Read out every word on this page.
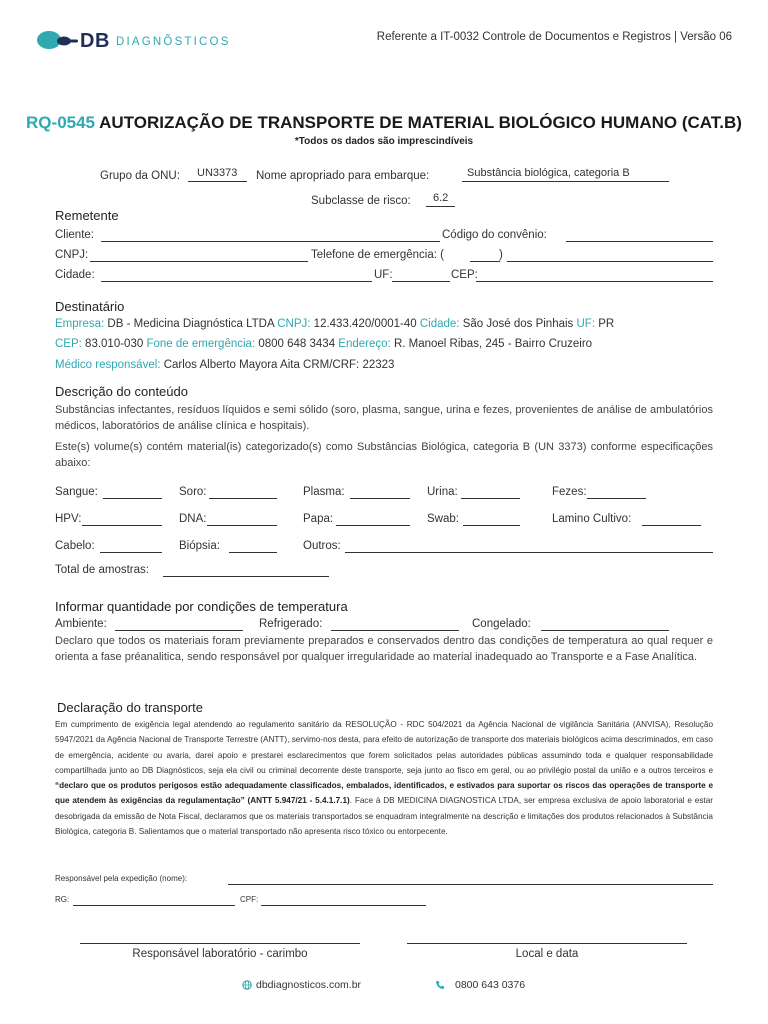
DB DIAGNÕSTICOS	Referente a IT-0032 Controle de Documentos e Registros | Versão 06
RQ-0545 AUTORIZAÇÃO DE TRANSPORTE DE MATERIAL BIOLÓGICO HUMANO (CAT.B)
*Todos os dados são imprescindíveis
Grupo da ONU: UN3373 Nome apropriado para embarque:	Substância biológica, categoria B
Subclasse de risco: 6.2
Remetente
Cliente:	Código do convênio:
CNPJ:	Telefone de emergência: (	)
Cidade:	UF:	CEP:
Destinatário
Empresa: DB - Medicina Diagnóstica LTDA CNPJ: 12.433.420/0001-40 Cidade: São José dos Pinhais UF: PR
CEP: 83.010-030 Fone de emergência: 0800 648 3434 Endereço: R. Manoel Ribas, 245 - Bairro Cruzeiro
Médico responsável: Carlos Alberto Mayora Aita CRM/CRF: 22323
Descrição do conteúdo
Substâncias infectantes, resíduos líquidos e semi sólido (soro, plasma, sangue, urina e fezes, provenientes de análise de ambulatórios médicos, laboratórios de análise clínica e hospitais).
Este(s) volume(s) contém material(is) categorizado(s) como Substâncias Biológica, categoria B (UN 3373) conforme especificações abaixo:
Sangue:	Soro:	Plasma:	Urina:	Fezes:
HPV:	DNA:	Papa:	Swab:	Lamino Cultivo:
Cabelo:	Biópsia:	Outros:
Total de amostras:
Informar quantidade por condições de temperatura
Ambiente:	Refrigerado:	Congelado:
Declaro que todos os materiais foram previamente preparados e conservados dentro das condições de temperatura ao qual requer e orienta a fase préanalitica, sendo responsável por qualquer irregularidade ao material inadequado ao Transporte e a Fase Analítica.
Declaração do transporte
Em cumprimento de exigência legal atendendo ao regulamento sanitário da RESOLUÇÃO - RDC 504/2021 da Agência Nacional de vigilância Sanitária (ANVISA), Resolução 5947/2021 da Agência Nacional de Transporte Terrestre (ANTT), servimo-nos desta, para efeito de autorização de transporte dos materiais biológicos acima descriminados, em caso de emergência, acidente ou avaria, darei apoio e prestarei esclarecimentos que forem solicitados pelas autoridades públicas assumindo toda e qualquer responsabilidade compartilhada junto ao DB Diagnósticos, seja ela civil ou criminal decorrente deste transporte, seja junto ao fisco em geral, ou ao privilégio postal da união e a outros terceiros e “declaro que os produtos perigosos estão adequadamente classificados, embalados, identificados, e estivados para suportar os riscos das operações de transporte e que atendem às exigências da regulamentação” (ANTT 5.947/21 - 5.4.1.7.1). Face à DB MEDICINA DIAGNOSTICA LTDA, ser empresa exclusiva de apoio laboratorial e estar desobrigada da emissão de Nota Fiscal, declaramos que os materiais transportados se enquadram integralmente na descrição e limitações dos produtos relacionados à Substância Biológica, categoria B. Salientamos que o material transportado não apresenta risco tóxico ou entorpecente.
Responsável pela expedição (nome):
RG:	CPF:
Responsável laboratório - carimbo	Local e data
dbdiagnosticos.com.br	0800 643 0376
